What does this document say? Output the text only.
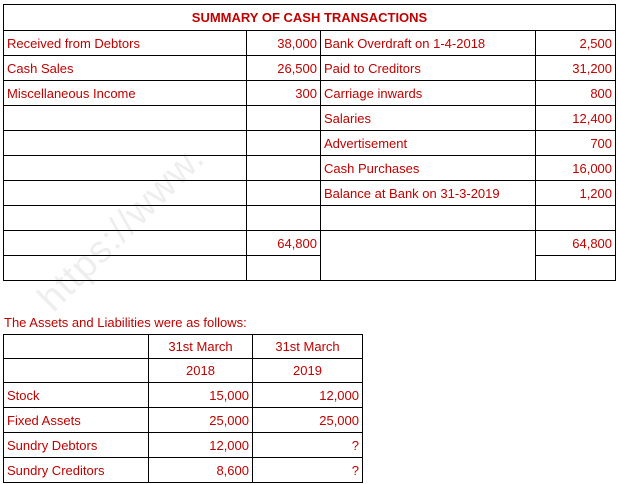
https://www.
SUMMARY OF CASH TRANSACTIONS			
Received from Debtors	38,000	Bank Overdraft on 1-4-2018	2,500
Cash Sales	26,500	Paid to Creditors	31,200
Miscellaneous Income	300	Carriage inwards	800
		Salaries	12,400
		Advertisement	700
		Cash Purchases	16,000
		Balance at Bank on 31-3-2019	1,200

	64,800		64,800

The Assets and Liabilities were as follows:
	31st March	31st March
	2018	2019
Stock	15,000	12,000
Fixed Assets	25,000	25,000
Sundry Debtors	12,000	?
Sundry Creditors	8,600	?
